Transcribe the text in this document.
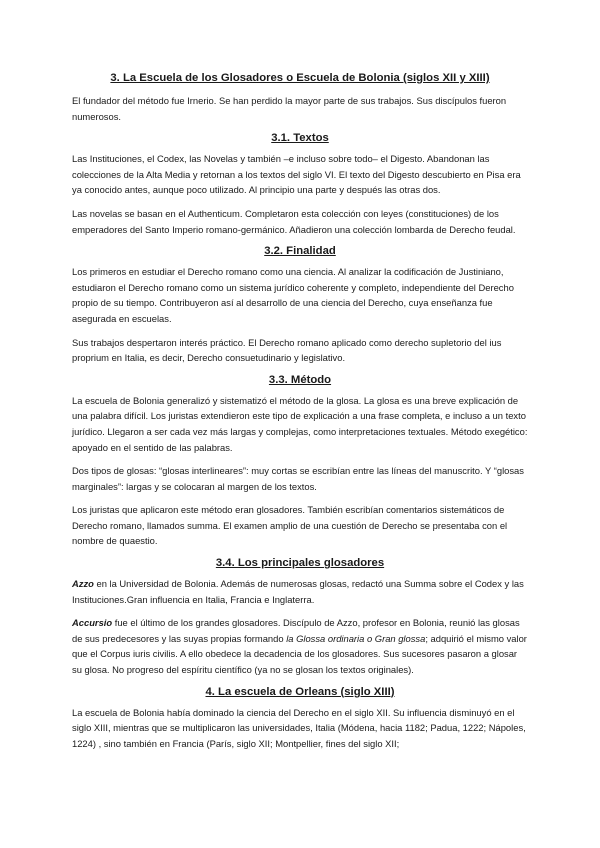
3. La Escuela de los Glosadores o Escuela de Bolonia (siglos XII y XIII)

El fundador del método fue Irnerio. Se han perdido la mayor parte de sus trabajos. Sus discípulos fueron numerosos.

3.1. Textos

Las Instituciones, el Codex, las Novelas y también –e incluso sobre todo– el Digesto. Abandonan las colecciones de la Alta Media y retornan a los textos del siglo VI. El texto del Digesto descubierto en Pisa era ya conocido antes, aunque poco utilizado. Al principio una parte y después las otras dos.

Las novelas se basan en el Authenticum. Completaron esta colección con leyes (constituciones) de los emperadores del Santo Imperio romano-germánico. Añadieron una colección lombarda de Derecho feudal.

3.2. Finalidad

Los primeros en estudiar el Derecho romano como una ciencia. Al analizar la codificación de Justiniano, estudiaron el Derecho romano como un sistema jurídico coherente y completo, independiente del Derecho propio de su tiempo. Contribuyeron así al desarrollo de una ciencia del Derecho, cuya enseñanza fue asegurada en escuelas.

Sus trabajos despertaron interés práctico. El Derecho romano aplicado como derecho supletorio del ius proprium en Italia, es decir, Derecho consuetudinario y legislativo.

3.3. Método

La escuela de Bolonia generalizó y sistematizó el método de la glosa. La glosa es una breve explicación de una palabra difícil. Los juristas extendieron este tipo de explicación a una frase completa, e incluso a un texto jurídico. Llegaron a ser cada vez más largas y complejas, como interpretaciones textuales. Método exegético: apoyado en el sentido de las palabras.

Dos tipos de glosas: “glosas interlineares”: muy cortas se escribían entre las líneas del manuscrito. Y “glosas marginales”: largas y se colocaran al margen de los textos.

Los juristas que aplicaron este método eran glosadores. También escribían comentarios sistemáticos de Derecho romano, llamados summa. El examen amplio de una cuestión de Derecho se presentaba con el nombre de quaestio.

3.4. Los principales glosadores

Azzo en la Universidad de Bolonia. Además de numerosas glosas, redactó una Summa sobre el Codex y las Instituciones.Gran influencia en Italia, Francia e Inglaterra.

Accursio fue el último de los grandes glosadores. Discípulo de Azzo, profesor en Bolonia, reunió las glosas de sus predecesores y las suyas propias formando la Glossa ordinaria o Gran glossa; adquirió el mismo valor que el Corpus iuris civilis. A ello obedece la decadencia de los glosadores. Sus sucesores pasaron a glosar su glosa. No progreso del espíritu científico (ya no se glosan los textos originales).

4. La escuela de Orleans (siglo XIII)

La escuela de Bolonia había dominado la ciencia del Derecho en el siglo XII. Su influencia disminuyó en el siglo XIII, mientras que se multiplicaron las universidades, Italia (Módena, hacia 1182; Padua, 1222; Nápoles, 1224) , sino también en Francia (París, siglo XII; Montpellier, fines del siglo XII;
